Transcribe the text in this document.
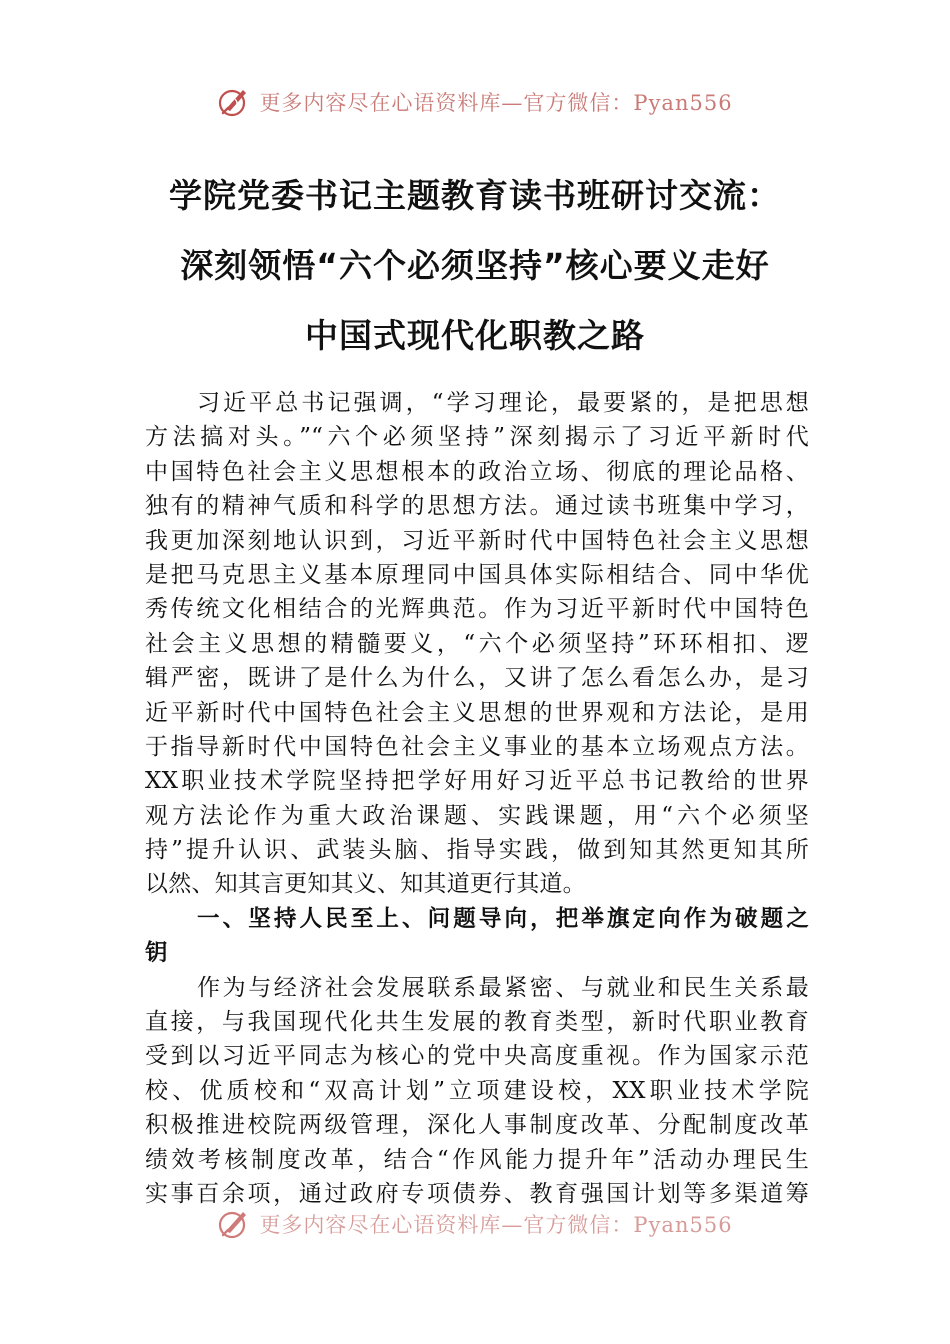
更多内容尽在心语资料库—官方微信：Pyan556
学院党委书记主题教育读书班研讨交流：
深刻领悟“六个必须坚持”核心要义走好
中国式现代化职教之路
习近平总书记强调，“学习理论，最要紧的，是把思想
方法搞对头。”“六个必须坚持”深刻揭示了习近平新时代
中国特色社会主义思想根本的政治立场、彻底的理论品格、
独有的精神气质和科学的思想方法。通过读书班集中学习，
我更加深刻地认识到，习近平新时代中国特色社会主义思想
是把马克思主义基本原理同中国具体实际相结合、同中华优
秀传统文化相结合的光辉典范。作为习近平新时代中国特色
社会主义思想的精髓要义，“六个必须坚持”环环相扣、逻
辑严密，既讲了是什么为什么，又讲了怎么看怎么办，是习
近平新时代中国特色社会主义思想的世界观和方法论，是用
于指导新时代中国特色社会主义事业的基本立场观点方法。
XX职业技术学院坚持把学好用好习近平总书记教给的世界
观方法论作为重大政治课题、实践课题，用“六个必须坚
持”提升认识、武装头脑、指导实践，做到知其然更知其所
以然、知其言更知其义、知其道更行其道。
一、坚持人民至上、问题导向，把举旗定向作为破题之
钥
作为与经济社会发展联系最紧密、与就业和民生关系最
直接，与我国现代化共生发展的教育类型，新时代职业教育
受到以习近平同志为核心的党中央高度重视。作为国家示范
校、优质校和“双高计划”立项建设校，XX职业技术学院
积极推进校院两级管理，深化人事制度改革、分配制度改革
绩效考核制度改革，结合“作风能力提升年”活动办理民生
实事百余项，通过政府专项债券、教育强国计划等多渠道筹
更多内容尽在心语资料库—官方微信：Pyan556
